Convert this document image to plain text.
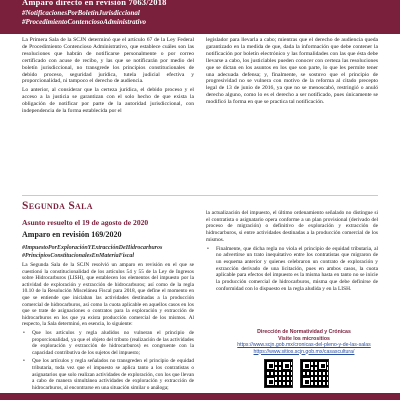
Amparo directo en revisión 7063/2018
#NotificacionesPorBoletínJurisdiccional
#ProcedimientoContenciosoAdministrativo

La Primera Sala de la SCJN determinó que el artículo 67 de la Ley Federal de Procedimiento Contencioso Administrativo, que establece cuáles son las resoluciones que habrán de notificarse personalmente o por correo certificado con acuse de recibo, y las que se notificarán por medio del boletín jurisdiccional, no transgrede los principios constitucionales de debido proceso, seguridad jurídica, tutela judicial efectiva y proporcionalidad, ni tampoco el derecho de audiencia.

Lo anterior, al considerar que la certeza jurídica, el debido proceso y el acceso a la justicia se garantizan con el solo hecho de que exista la obligación de notificar por parte de la autoridad jurisdiccional, con independencia de la forma establecida por el

legislador para llevarla a cabo; mientras que el derecho de audiencia queda garantizado en la medida de que, dada la información que debe contener la notificación por boletín electrónico y las formalidades con las que ésta debe llevarse a cabo, los justiciables pueden conocer con certeza las resoluciones que se dictan en los asuntos en los que son parte, lo que les permite tener una adecuada defensa; y, finalmente, se sostuvo que el principio de progresividad no se vulnera con motivo de la reforma al citado precepto legal de 13 de junio de 2016, ya que no se menoscabó, restringió o anuló derecho alguno, como lo es el derecho a ser notificado, pues únicamente se modificó la forma en que se practica tal notificación.

Segunda Sala
Asunto resuelto el 19 de agosto de 2020
Amparo en revisión 169/2020
#ImpuestoPorExploraciónYExtracciónDeHidrocarburos
#PrincipiosConstitucionalesEnMateriaFiscal

La Segunda Sala de la SCJN resolvió un amparo en revisión en el que se cuestionó la constitucionalidad de los artículos 54 y 55 de la Ley de Ingresos sobre Hidrocarburos (LISH), que establecen los elementos del impuesto por la actividad de exploración y extracción de hidrocarburos; así como de la regla 10.10 de la Resolución Miscelánea Fiscal para 2018, que define el momento en que se entiende que iniciaban las actividades destinadas a la producción comercial de hidrocarburos, así como la cuota aplicable en aquellos casos en los que se trate de asignaciones o contratos para la exploración y extracción de hidrocarburos en los que ya exista producción comercial de los mismos. Al respecto, la Sala determinó, en esencia, lo siguiente:

• Que los artículos y regla aludidos no vulneran el principio de proporcionalidad, ya que el objeto del tributo (realización de las actividades de exploración y extracción de hidrocarburos) es congruente con la capacidad contributiva de los sujetos del impuesto;

• Que los artículos y regla señalados no transgreden el principio de equidad tributaria, toda vez que el impuesto se aplica tanto a los contratistas o asignatarios que solo realizan actividades de exploración, con los que llevan a cabo de manera simultánea actividades de exploración y extracción de hidrocarburos, al encontrarse en una situación similar o análoga;

la actualización del impuesto, el último ordenamiento señalado no distingue si el contratista o asignatario opera conforme a un plan provisional (derivado del proceso de migración) o definitivo de exploración y extracción de hidrocarburos, si entre actividades destinadas a la producción comercial de los mismos.

• Finalmente, que dicha regla no viola el principio de equidad tributaria, al no advertirse un trato inequitativo entre los contratistas que migraron de un esquema anterior y quienes celebraron un contrato de exploración y extracción derivado de una licitación, pues en ambos casos, la cuota aplicable para efectos del impuesto es la misma hasta en tanto no se inicie la producción comercial de hidrocarburos, misma que debe definirse de conformidad con lo dispuesto en la regla aludida y en la LISH.

Dirección de Normatividad y Crónicas
Visite los micrositios
https://www.scjn.gob.mx/cronicas-del-pleno-y-de-las-salas
https://www.sitios.scjn.gob.mx/casascultura/
